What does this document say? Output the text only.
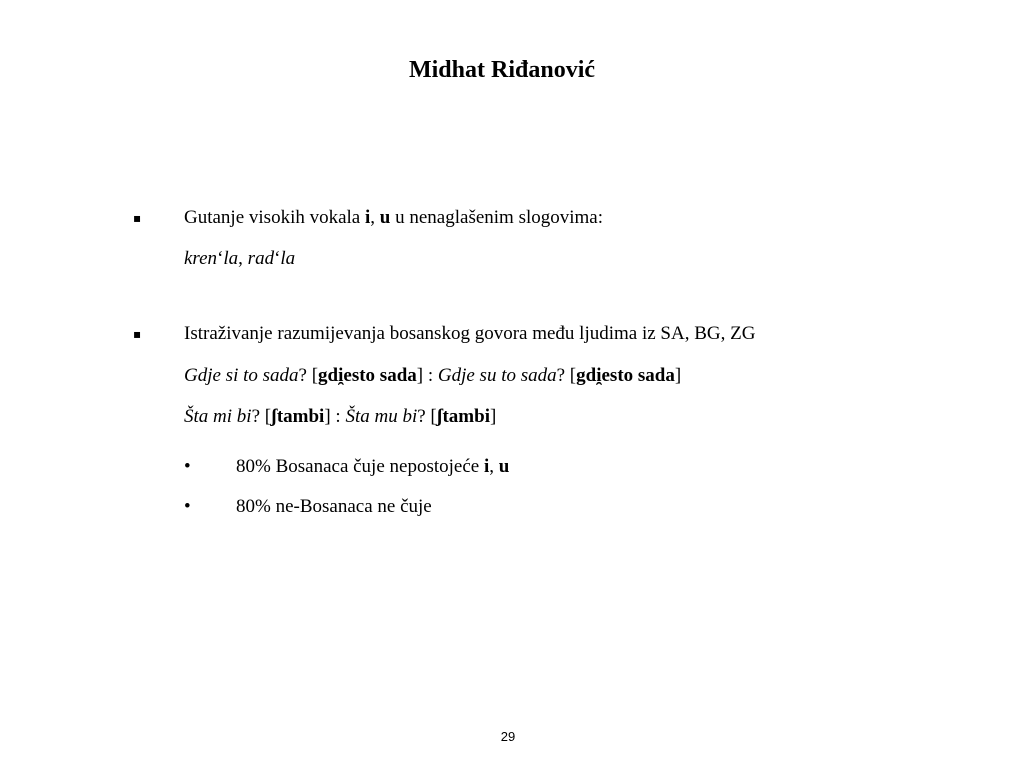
Midhat Riđanović
▪ Gutanje visokih vokala i, u u nenaglašenim slogovima:
kren‘la, rad‘la
▪ Istraživanje razumijevanja bosanskog govora među ljudima iz SA, BG, ZG
Gdje si to sada? [gdi̯esto sada] : Gdje su to sada? [gdi̯esto sada]
Šta mi bi? [ʃtambi] : Šta mu bi? [ʃtambi]
• 80% Bosanaca čuje nepostojeće i, u
• 80% ne-Bosanaca ne čuje
29
